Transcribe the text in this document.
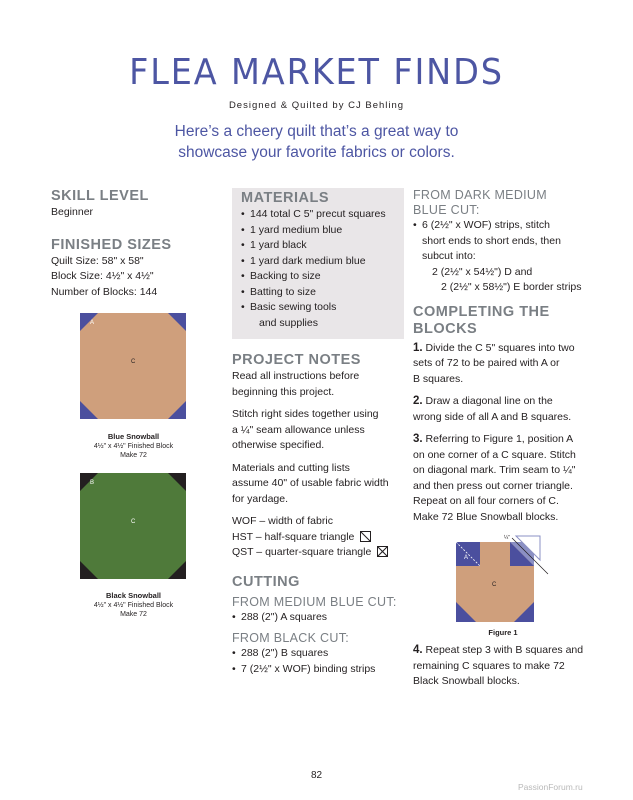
FLEA MARKET FINDS
Designed & Quilted by CJ Behling
Here’s a cheery quilt that’s a great way to
showcase your favorite fabrics or colors.
SKILL LEVEL
Beginner
FINISHED SIZES
Quilt Size: 58" x 58"
Block Size: 4½" x 4½"
Number of Blocks: 144
A
C
Blue Snowball
4½" x 4½" Finished Block
Make 72
B
C
Black Snowball
4½" x 4½" Finished Block
Make 72
MATERIALS
• 144 total C 5" precut squares
• 1 yard medium blue
• 1 yard black
• 1 yard dark medium blue
• Backing to size
• Batting to size
• Basic sewing tools
and supplies
PROJECT NOTES
Read all instructions before
beginning this project.
Stitch right sides together using
a ¼" seam allowance unless
otherwise specified.
Materials and cutting lists
assume 40" of usable fabric width
for yardage.
WOF – width of fabric
HST – half-square triangle
QST – quarter-square triangle
CUTTING
FROM MEDIUM BLUE CUT:
• 288 (2") A squares
FROM BLACK CUT:
• 288 (2") B squares
• 7 (2½" x WOF) binding strips
FROM DARK MEDIUM
BLUE CUT:
• 6 (2½" x WOF) strips, stitch
short ends to short ends, then
subcut into:
2 (2½" x 54½") D and
2 (2½" x 58½") E border strips
COMPLETING THE
BLOCKS
1. Divide the C 5" squares into two
sets of 72 to be paired with A or
B squares.
2. Draw a diagonal line on the
wrong side of all A and B squares.
3. Referring to Figure 1, position A
on one corner of a C square. Stitch
on diagonal mark. Trim seam to ¼"
and then press out corner triangle.
Repeat on all four corners of C.
Make 72 Blue Snowball blocks.
A
C
¼"
Figure 1
4. Repeat step 3 with B squares and
remaining C squares to make 72
Black Snowball blocks.
82
PassionForum.ru
